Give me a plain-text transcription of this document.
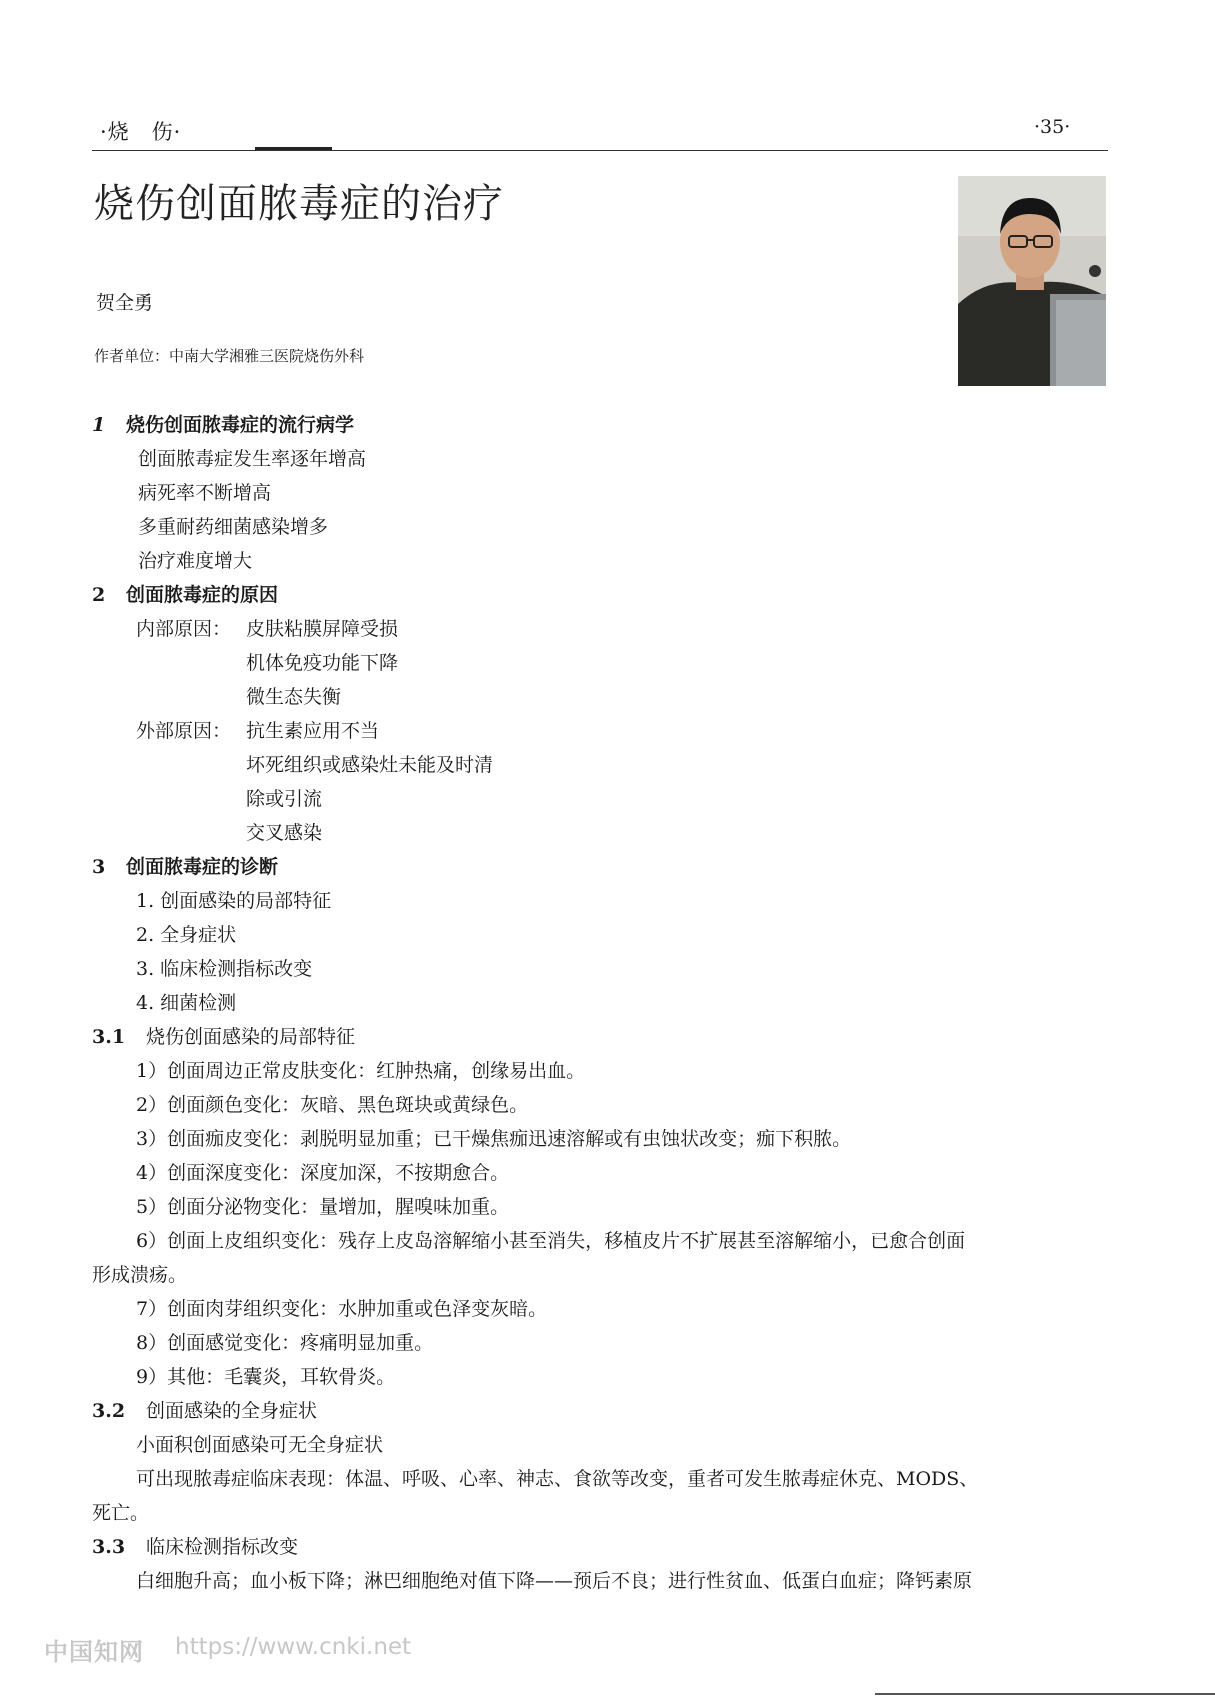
·烧　伤·	·35·
烧伤创面脓毒症的治疗
贺全勇
作者单位：中南大学湘雅三医院烧伤外科
1 烧伤创面脓毒症的流行病学
创面脓毒症发生率逐年增高
病死率不断增高
多重耐药细菌感染增多
治疗难度增大
2 创面脓毒症的原因
内部原因： 皮肤粘膜屏障受损
机体免疫功能下降
微生态失衡
外部原因： 抗生素应用不当
坏死组织或感染灶未能及时清
除或引流
交叉感染
3 创面脓毒症的诊断
1. 创面感染的局部特征
2. 全身症状
3. 临床检测指标改变
4. 细菌检测
3.1 烧伤创面感染的局部特征
1）创面周边正常皮肤变化：红肿热痛，创缘易出血。
2）创面颜色变化：灰暗、黑色斑块或黄绿色。
3）创面痂皮变化：剥脱明显加重；已干燥焦痂迅速溶解或有虫蚀状改变；痂下积脓。
4）创面深度变化：深度加深，不按期愈合。
5）创面分泌物变化：量增加，腥嗅味加重。
6）创面上皮组织变化：残存上皮岛溶解缩小甚至消失，移植皮片不扩展甚至溶解缩小，已愈合创面
形成溃疡。
7）创面肉芽组织变化：水肿加重或色泽变灰暗。
8）创面感觉变化：疼痛明显加重。
9）其他：毛囊炎，耳软骨炎。
3.2 创面感染的全身症状
小面积创面感染可无全身症状
可出现脓毒症临床表现：体温、呼吸、心率、神志、食欲等改变，重者可发生脓毒症休克、MODS、
死亡。
3.3 临床检测指标改变
白细胞升高；血小板下降；淋巴细胞绝对值下降——预后不良；进行性贫血、低蛋白血症；降钙素原
中国知网 https://www.cnki.net
